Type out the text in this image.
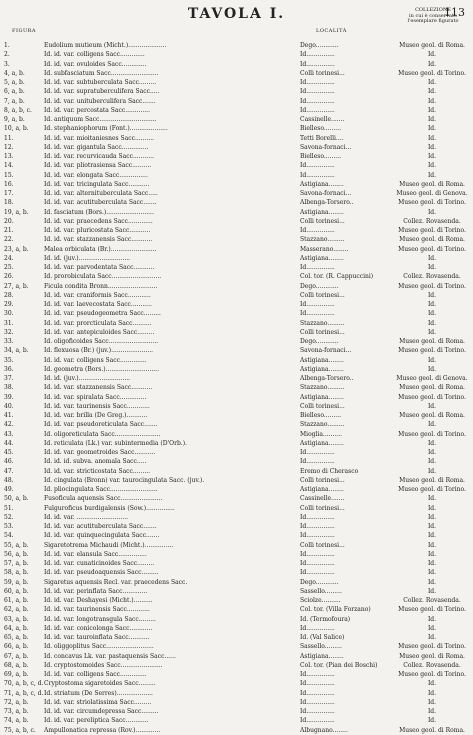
TAVOLA I.	113
COLLEZIONE
in cui è conservato
l'esemplare figurato
FIGURA	LOCALITÀ
1.	Eudolium mutieum (Micht.)....................	Dego............	Museo geol. di Roma.
2.	Id. id. var. colligens Sacc.............	Id...............	Id.
3.	Id. id. var. ovuloides Sacc.............	Id...............	Id.
4, a, b.	Id. subfasciatum Sacc.........................	Colli torinesi...	Museo geol. di Torino.
5, a, b.	Id. id. var. subtuberculata Sacc.........	Id...............	Id.
6, a, b.	Id. id. var. supratuberculifera Sacc.....	Id...............	Id.
7, a, b.	Id. id. var. unituberculifera Sacc.......	Id...............	Id.
8, a, b, c.	Id. id. var. percostata Sacc.............	Id...............	Id.
9, a, b.	Id. antiquum Sacc..............................	Cassinelle.......	Id.
10, a, b.	Id. stephaniophorum (Font.)....................	Bielleso.........	Id.
11.	Id. id. var. mioitaniesnes Sacc..........	Tetti Borelli....	Id.
12.	Id. id. var. gigantula Sacc..............	Savona-fornaci...	Id.
13.	Id. id. var. recurvicauda Sacc...........	Bielleso.........	Id.
14.	Id. id. var. pliotrasiensa Sacc..........	Id...............	Id.
15.	Id. id. var. elongata Sacc...............	Id...............	Id.
16.	Id. id. var. tricingulata Sacc...........	Astigiana........	Museo geol. di Roma.
17.	Id. id. var. alternituberculata Sacc.....	Savona-fornaci...	Museo geol. di Genova.
18.	Id. id. var. acutituberculata Sacc.......	Albenga-Torsero..	Museo geol. di Torino.
19, a, b.	Id. fasciatum (Bors.).........................	Astigiana........	Id.
20.	Id. id. var. praecedens Sacc.............	Colli torinesi...	Collez. Rovasenda.
21.	Id. id. var. pluricostata Sacc...........	Id...............	Museo geol. di Torino.
22.	Id. id. var. stazzanensis Sacc...........	Stazzano.........	Museo geol. di Roma.
23, a, b.	Malea orbiculata (Br.)........................	Masserano........	Museo geol. di Torino.
24.	Id. id. (juv.)...........................	Astigiana........	Id.
25.	Id. id. var. parvodentata Sacc...........	Id...............	Id.
26.	Id. prorobiculata Sacc..........................	Col. tor. (R. Cappuccini)	Collez. Rovasenda.
27, a, b.	Ficula condita Bronn..........................	Dego............	Museo geol. di Torino.
28.	Id. id. var. craniformis Sacc............	Colli torinesi...	Id.
29.	Id. id. var. laevecostata Sacc...........	Id...............	Id.
30.	Id. id. var. pseudogeometra Sacc.........	Id...............	Id.
31.	Id. id. var. prorcticulata Sacc..........	Stazzano.........	Id.
32.	Id. id. var. antepiculoides Sacc.........	Colli torinesi...	Id.
33.	Id. oligoficoides Sacc..........................	Dego............	Museo geol. di Roma.
34, a, b.	Id. flexuosa (Br.) (juv.)......................	Savona-fornaci...	Museo geol. di Torino.
35.	Id. id. var. colligens Sacc..............	Astigiana........	Id.
36.	Id. geometra (Bors.)............................	Astigiana........	Id.
37.	Id. id. (juv.)...........................	Albenga-Torsero..	Museo geol. di Genova.
38.	Id. id. var. stazzanensis Sacc...........	Stazzano.........	Museo geol. di Roma.
39.	Id. id. var. spiralata Sacc..............	Astigiana........	Museo geol. di Torino.
40.	Id. id. var. taurinensis Sacc............	Colli torinesi...	Id.
41.	Id. id. var. brilla (De Greg.)...........	Bielleso.........	Museo geol. di Roma.
42.	Id. id. var. pseudoreticulata Sacc.......	Stazzano.........	Id.
43.	Id. oligoreticulata Sacc........................	Mioglia..........	Museo geol. di Torino.
44.	Id. reticulata (Lk.) var. subintermedia (D'Orb.).	Astigiana........	Id.
45.	Id. id. var. geometroides Sacc...........	Id...............	Id.
46.	Id. id. id. subva. anomala Sacc.....	Id...............	Id.
47.	Id. id. var. stricticostata Sacc.........	Eremo di Cherasco	Id.
48.	Id. cingulata (Bronn) var. taurocingulata Sacc. (juv.).	Colli torinesi...	Museo geol. di Roma.
49.	Id. pliocingulata Sacc.........................	Astigiana........	Museo geol. di Torino.
50, a, b.	Fusoficula aquensis Sacc......................	Cassinelle.......	Id.
51.	Fulguroficus burdigalensis (Sow.)...............	Colli torinesi...	Id.
52.	Id. id. var. ...........................	Id...............	Id.
53.	Id. id. var. acutituberculata Sacc.......	Id...............	Id.
54.	Id. id. var. quinquecingulata Sacc.......	Id...............	Id.
55, a, b.	Sigaretotrema Michaudi (Micht.)...............	Colli torinesi...	Id.
56, a, b.	Id. id. var. elansula Sacc...............	Id...............	Id.
57, a, b.	Id. id. var. cunaticinoides Sacc.........	Id...............	Id.
58, a, b.	Id. id. var. pseudoaquensis Sacc.........	Id...............	Id.
59, a, b.	Sigaretus aquensis Recl. var. praecedens Sacc.	Dego............	Id.
60, a, b.	Id. id. var. perinflata Sacc.............	Sassello.........	Id.
61, a, b.	Id. id. var. Deshayesi (Micht.)..........	Sciolze..........	Collez. Rovasenda.
62, a, b.	Id. id. var. taurinensis Sacc............	Col. tor. (Villa Forzano)	Museo geol. di Torino.
63, a, b.	Id. id. var. longotransgula Sacc.........	Id. (Termofoura)	Id.
64, a, b.	Id. id. var. conicolonga Sacc............	Id...............	Id.
65, a, b.	Id. id. var. tauroinflata Sacc...........	Id. (Val Salice)	Id.
66, a, b.	Id. oliggoplitus Sacc.........................	Sassello.........	Museo geol. di Torino.
67, a, b.	Id. concavus Lk. var. pastaquensis Sacc......	Astigiana........	Museo geol. di Roma.
68, a, b.	Id. cryptostomoides Sacc......................	Col. tor. (Pian dei Boschi)	Collez. Rovasenda.
69, a, b.	Id. id. var. colligens Sacc..............	Id...............	Museo geol. di Torino.
70, a, b, c, d. Cryptostoma sigaretoides Sacc.........	Id...............	Id.
71, a, b, c, d. Id. striatum (De Serres)...................	Id...............	Id.
72, a, b.	Id. id. var. striolatissima Sacc.........	Id...............	Id.
73, a, b.	Id. id. var. circumdepressa Sacc.........	Id...............	Id.
74, a, b.	Id. id. var. pereliptica Sacc............	Id...............	Id.
75, a, b, c.	Ampullonatica repressa (Rov.).............	Albugnano........	Museo geol. di Roma.
